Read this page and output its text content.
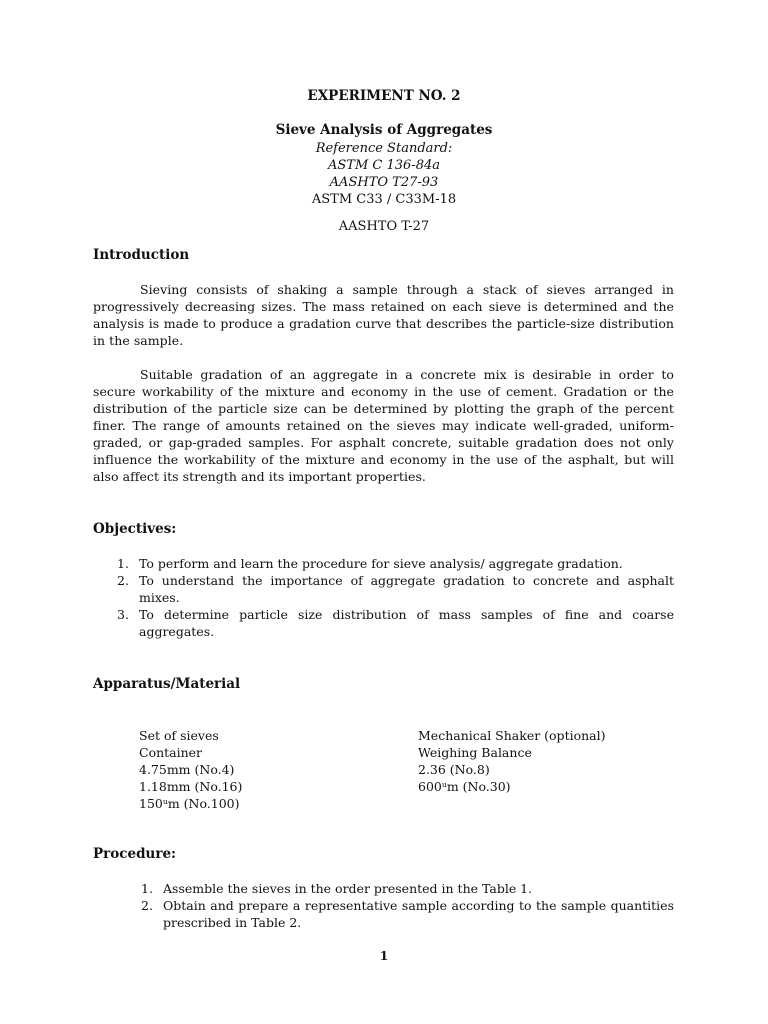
EXPERIMENT NO. 2
Sieve Analysis of Aggregates
Reference Standard:
ASTM C 136-84a
AASHTO T27-93
ASTM C33 / C33M-18
AASHTO T-27
Introduction
Sieving consists of shaking a sample through a stack of sieves arranged in progressively decreasing sizes. The mass retained on each sieve is determined and the analysis is made to produce a gradation curve that describes the particle-size distribution in the sample.
Suitable gradation of an aggregate in a concrete mix is desirable in order to secure workability of the mixture and economy in the use of cement. Gradation or the distribution of the particle size can be determined by plotting the graph of the percent finer. The range of amounts retained on the sieves may indicate well-graded, uniform-graded, or gap-graded samples. For asphalt concrete, suitable gradation does not only influence the workability of the mixture and economy in the use of the asphalt, but will also affect its strength and its important properties.
Objectives:
1. To perform and learn the procedure for sieve analysis/ aggregate gradation.
2. To understand the importance of aggregate gradation to concrete and asphalt mixes.
3. To determine particle size distribution of mass samples of fine and coarse aggregates.
Apparatus/Material
Set of sieves
Container
4.75mm (No.4)
1.18mm (No.16)
150ᵘm (No.100)
Mechanical Shaker (optional)
Weighing Balance
2.36 (No.8)
600ᵘm (No.30)
Procedure:
1. Assemble the sieves in the order presented in the Table 1.
2. Obtain and prepare a representative sample according to the sample quantities prescribed in Table 2.
1
